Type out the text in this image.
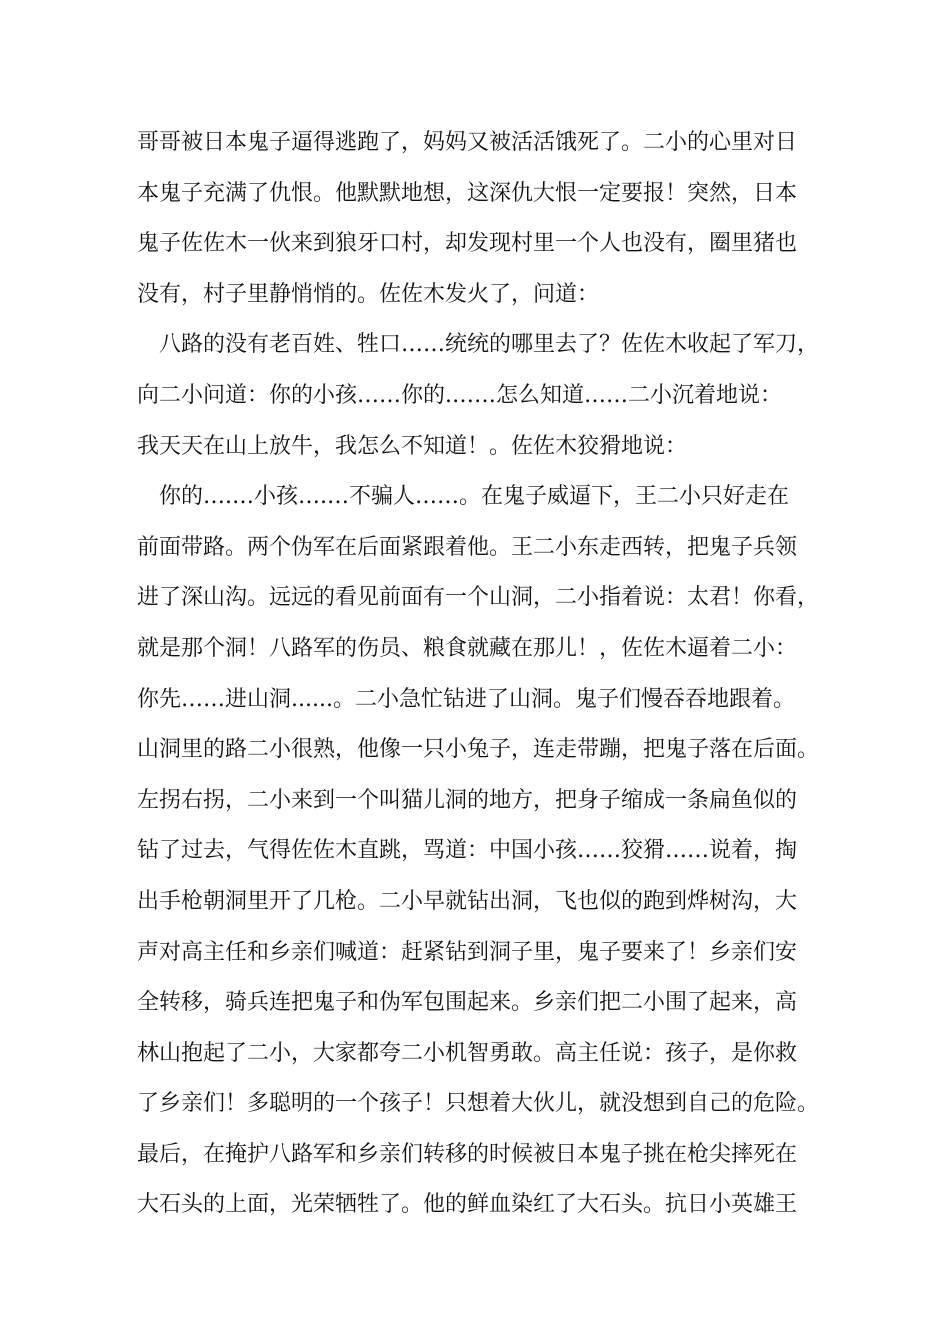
哥哥被日本鬼子逼得逃跑了，妈妈又被活活饿死了。二小的心里对日
本鬼子充满了仇恨。他默默地想，这深仇大恨一定要报！突然，日本
鬼子佐佐木一伙来到狼牙口村，却发现村里一个人也没有，圈里猪也
没有，村子里静悄悄的。佐佐木发火了，问道：
　八路的没有老百姓、牲口……统统的哪里去了？佐佐木收起了军刀，
向二小问道：你的小孩……你的.……怎么知道……二小沉着地说：
我天天在山上放牛，我怎么不知道！。佐佐木狡猾地说：
　你的….…小孩….…不骗人……。在鬼子威逼下，王二小只好走在
前面带路。两个伪军在后面紧跟着他。王二小东走西转，把鬼子兵领
进了深山沟。远远的看见前面有一个山洞，二小指着说：太君！你看，
就是那个洞！八路军的伤员、粮食就藏在那儿！，佐佐木逼着二小：
你先……进山洞......。二小急忙钻进了山洞。鬼子们慢吞吞地跟着。
山洞里的路二小很熟，他像一只小兔子，连走带蹦，把鬼子落在后面。
左拐右拐，二小来到一个叫猫儿洞的地方，把身子缩成一条扁鱼似的
钻了过去，气得佐佐木直跳，骂道：中国小孩……狡猾……说着，掏
出手枪朝洞里开了几枪。二小早就钻出洞，飞也似的跑到烨树沟，大
声对高主任和乡亲们喊道：赶紧钻到洞子里，鬼子要来了！乡亲们安
全转移，骑兵连把鬼子和伪军包围起来。乡亲们把二小围了起来，高
林山抱起了二小，大家都夸二小机智勇敢。高主任说：孩子，是你救
了乡亲们！多聪明的一个孩子！只想着大伙儿，就没想到自己的危险。
最后，在掩护八路军和乡亲们转移的时候被日本鬼子挑在枪尖摔死在
大石头的上面，光荣牺牲了。他的鲜血染红了大石头。抗日小英雄王
